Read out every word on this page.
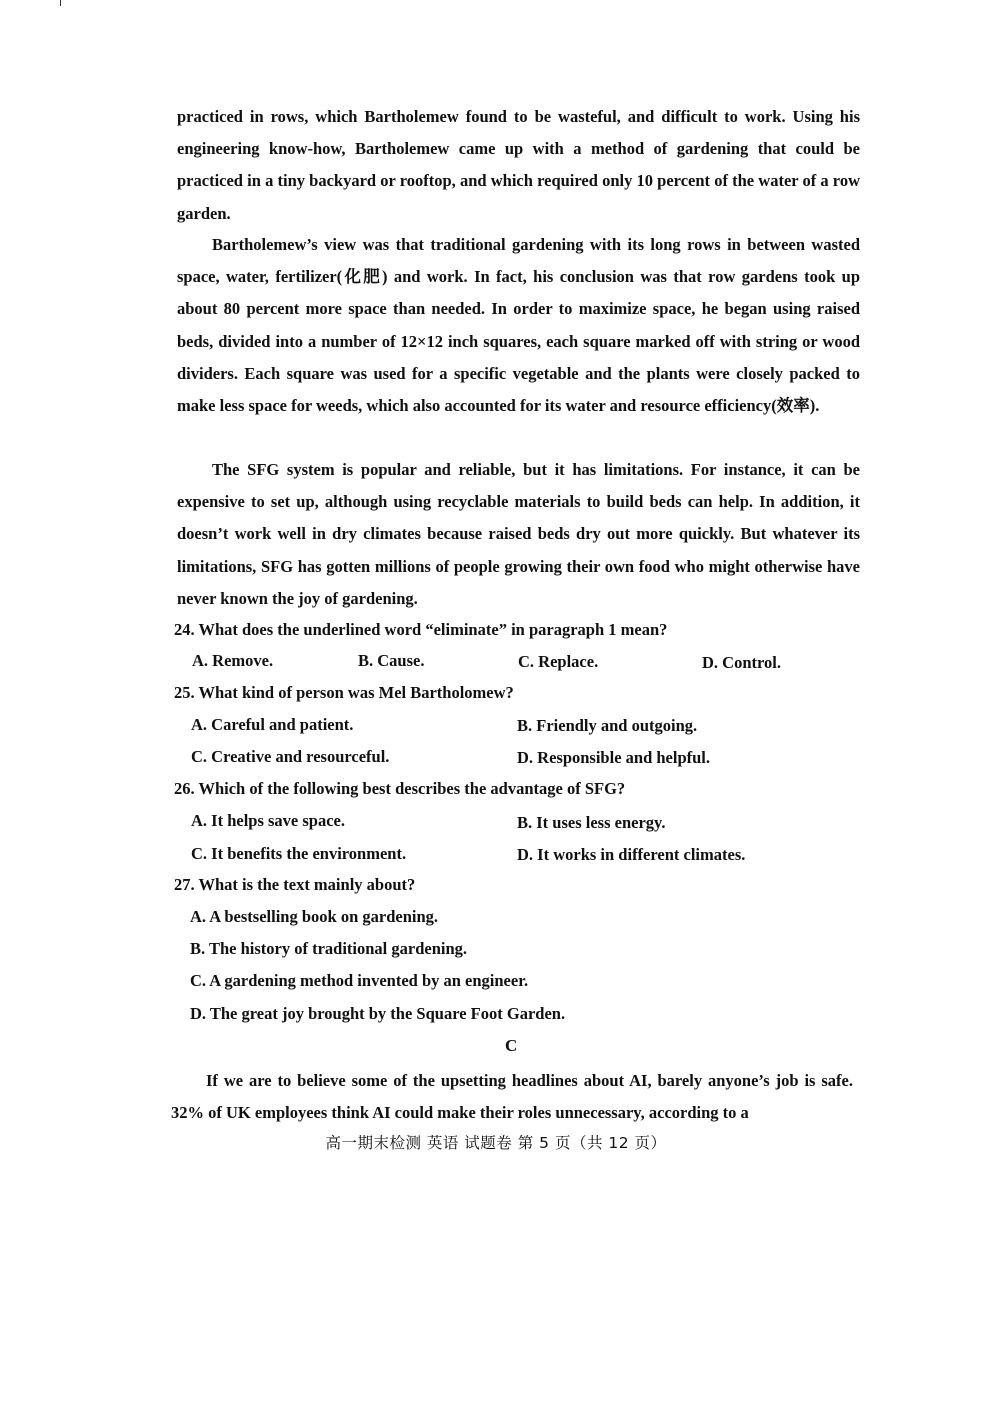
practiced in rows, which Bartholemew found to be wasteful, and difficult to work. Using his engineering know-how, Bartholemew came up with a method of gardening that could be practiced in a tiny backyard or rooftop, and which required only 10 percent of the water of a row garden.
Bartholemew’s view was that traditional gardening with its long rows in between wasted space, water, fertilizer(化肥) and work. In fact, his conclusion was that row gardens took up about 80 percent more space than needed. In order to maximize space, he began using raised beds, divided into a number of 12×12 inch squares, each square marked off with string or wood dividers. Each square was used for a specific vegetable and the plants were closely packed to make less space for weeds, which also accounted for its water and resource efficiency(效率).
The SFG system is popular and reliable, but it has limitations. For instance, it can be expensive to set up, although using recyclable materials to build beds can help. In addition, it doesn’t work well in dry climates because raised beds dry out more quickly. But whatever its limitations, SFG has gotten millions of people growing their own food who might otherwise have never known the joy of gardening.
24. What does the underlined word “eliminate” in paragraph 1 mean?
A. Remove.	B. Cause.	C. Replace.	D. Control.
25. What kind of person was Mel Bartholomew?
A. Careful and patient.	B. Friendly and outgoing.
C. Creative and resourceful.	D. Responsible and helpful.
26. Which of the following best describes the advantage of SFG?
A. It helps save space.	B. It uses less energy.
C. It benefits the environment.	D. It works in different climates.
27. What is the text mainly about?
A. A bestselling book on gardening.
B. The history of traditional gardening.
C. A gardening method invented by an engineer.
D. The great joy brought by the Square Foot Garden.
C
If we are to believe some of the upsetting headlines about AI, barely anyone’s job is safe. 32% of UK employees think AI could make their roles unnecessary, according to a
高一期末检测 英语 试题卷 第 5 页（共 12 页）
